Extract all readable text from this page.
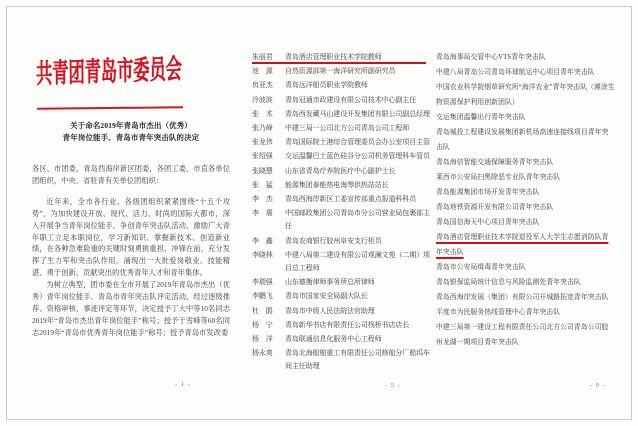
共青团青岛市委员会
关于命名2019年青岛市杰出（优秀）
青年岗位能手、青岛市青年突击队的决定

各区、市团委，青岛西海岸新区团委，各团工委、市直各单位团组织，中央、省驻青有关单位团组织：

近年来，全市各行业、各级团组织紧紧围绕“十五个攻势”，为加快建设开放、现代、活力、时尚的国际大都市，深入开展争当青年岗位能手、争创青年突击队活动，激励广大青年职工立足本职岗位，学习新知识、掌握新技术、创造新业绩，在各种急难险重的关键时刻勇挑重担、冲锋在前，充分发挥了生力军和突击队作用，涌现出一大批爱岗敬业、技能精湛、勇于创新、贡献突出的优秀青年人才和青年集体。

为树立典型，团市委在全市开展了2019年青岛市杰出（优秀）青年岗位能手、青岛市青年突击队评定活动，经过逐级推荐、资格审核、事迹评定等环节，决定授予丁大中等10名同志2019年“青岛市杰出青年岗位能手”称号；授予于雪峰等60名同志2019年“青岛市优秀青年岗位能手”称号；授予青岛市发改委

朱丽君	青岛酒店管理职业技术学院教师
池　源	自然资源部第一海洋研究所副研究员
贠亚杰	青岛远洋船员职业学院教师
冷波滨	青岛冠通市政建设有限公司技术中心副主任
张　术	青岛西发藏马山建设开发集团有限公司副总经理
张乃峰	中建三局一公司北方公司青岛公司工程师
张龙伟	青岛国际院士港综合管理委员会办公室项目主管
张绍强	交运温馨巴士蓝色硅谷分公司机务管理科车管员
张晓慧	山东省青岛疗养院医疗中心副护士长
张　猛	能源集团泰能热电海琴供热站站长
李　杰	青岛西海岸新区工委宣传部重点报道科科员
李　震	中国邮政集团公司青岛市分公司营业局包裹部主任
李　鑫	青岛农商银行胶州阜安支行柜员
李晓林	中建八局第二建设有限公司观澜文苑（二期）项目总工程师
李瑞强	山东德衡律师事务所总所律师
李鹏飞	青岛市国家安全局副大队长
杜　鹃	青岛市中级人民法院法官助理
杨　宁	青岛新华书店有限责任公司栈桥书店店长
杨　洋	青岛联通信息化服务中心工程师
杨永爽	青岛北海船舶重工有限责任公司修船分厂船坞车间主任助理

青岛海事局交管中心VTS青年突击队

中建八局青岛公司青岛环球航运中心项目青年突击队

中国农业科学院烟草研究所“海洋农业”青年突击队（滩涂生物资源保护利用创新团队）

交运集团温馨出行青年突击队

青岛城投工程建设发展集团新机场高速连接线项目青年突击队

青岛海信智能交通保障服务青年突击队

莱西市公安局扫黑除恶专业队青年突击队

青岛能源集团市场开发青年突击队

青岛地铁资源开发有限公司青年突击队

青岛国信海天中心项目青年突击队

青岛酒店管理职业技术学院退役军人大学生志愿消防队青年突击队

青岛市公安局缉毒青年突击队

青岛银保监局统计信息与风险监测处青年突击队

青岛西海岸发展（集团）有限公司开城路拓宽青年突击队

平度市为民服务热线管理中心青年突击队

中建三局第一建设工程有限责任公司北方公司青岛公司胶州龙湖一期项目青年突击队

- 1 -	- 5 -	- 9 -
